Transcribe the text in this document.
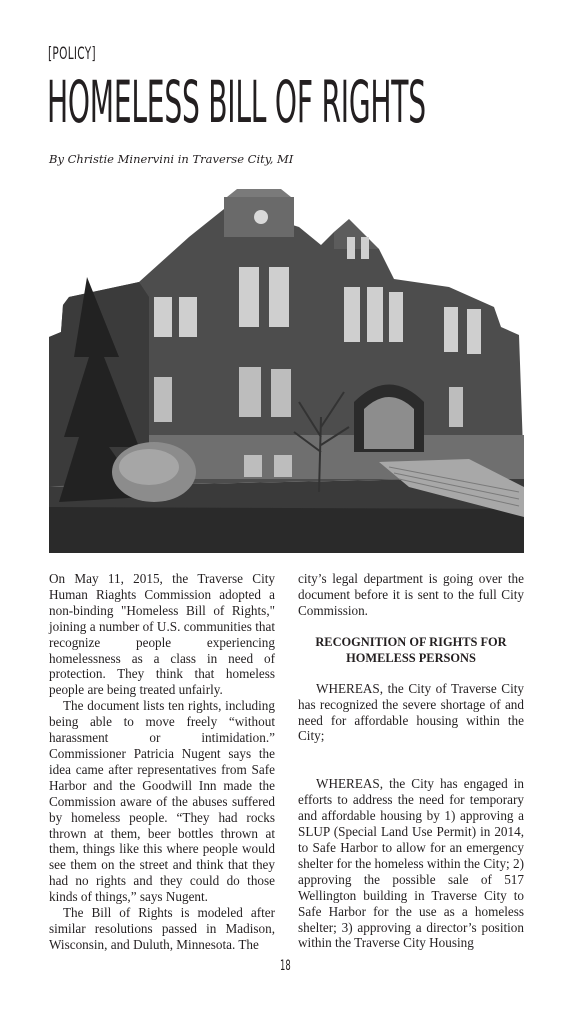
[POLICY]
HOMELESS BILL OF RIGHTS
By Christie Minervini in Traverse City, MI

On May 11, 2015, the Traverse City Human Riaghts Commission adopted a non-binding "Homeless Bill of Rights," joining a number of U.S. communities that recognize people experiencing homelessness as a class in need of protection. They think that homeless people are being treated unfairly.

The document lists ten rights, including being able to move freely “without harassment or intimidation.” Commissioner Patricia Nugent says the idea came after representatives from Safe Harbor and the Goodwill Inn made the Commission aware of the abuses suffered by homeless people. “They had rocks thrown at them, beer bottles thrown at them, things like this where people would see them on the street and think that they had no rights and they could do those kinds of things,” says Nugent.

The Bill of Rights is modeled after similar resolutions passed in Madison, Wisconsin, and Duluth, Minnesota. The

city’s legal department is going over the document before it is sent to the full City Commission.

RECOGNITION OF RIGHTS FOR HOMELESS PERSONS

WHEREAS, the City of Traverse City has recognized the severe shortage of and need for affordable housing within the City;

WHEREAS, the City has engaged in efforts to address the need for temporary and affordable housing by 1) approving a SLUP (Special Land Use Permit) in 2014, to Safe Harbor to allow for an emergency shelter for the homeless within the City; 2) approving the possible sale of 517 Wellington building in Traverse City to Safe Harbor for the use as a homeless shelter; 3) approving a director’s position within the Traverse City Housing

18
